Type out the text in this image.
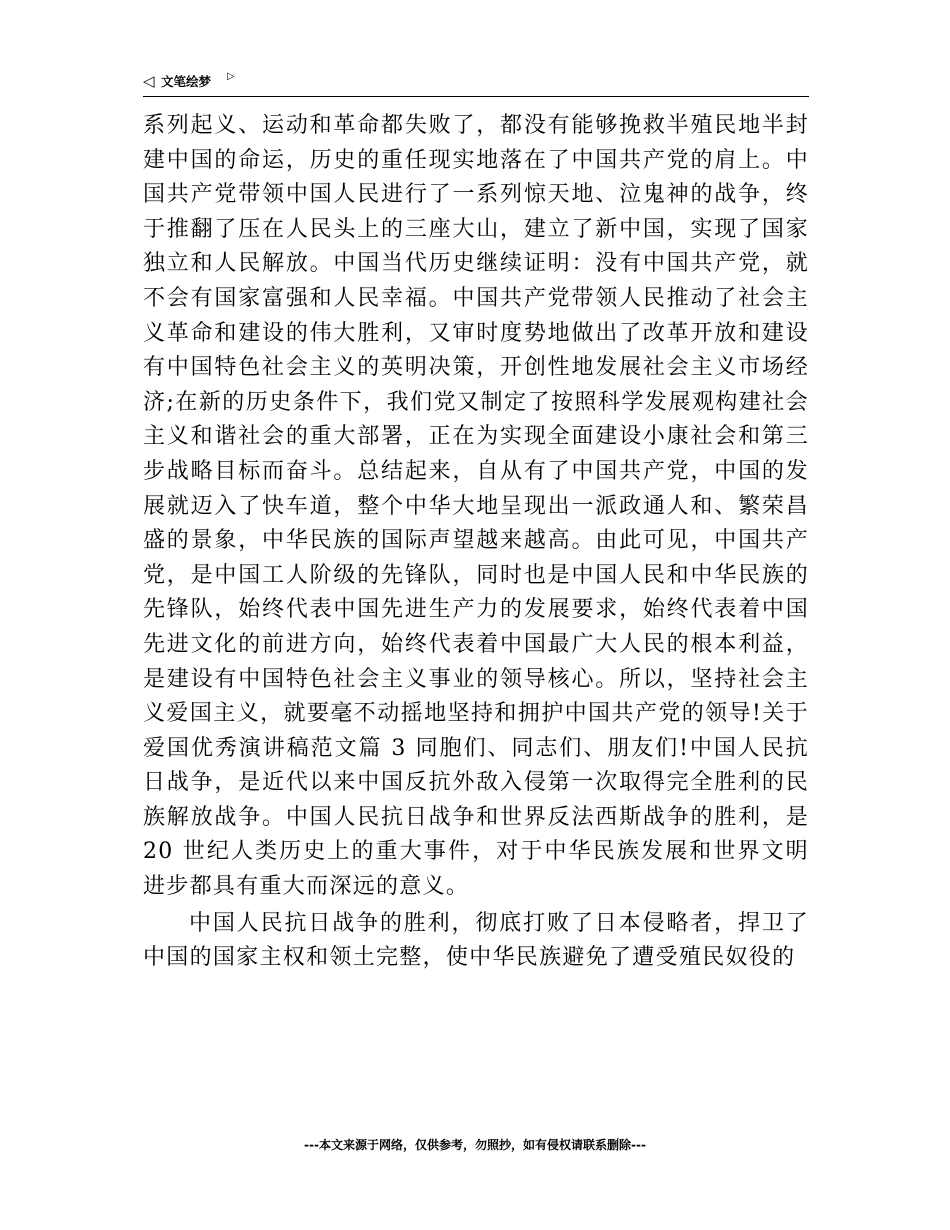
◁ 文笔绘梦 ▷

系列起义、运动和革命都失败了，都没有能够挽救半殖民地半封建中国的命运，历史的重任现实地落在了中国共产党的肩上。中国共产党带领中国人民进行了一系列惊天地、泣鬼神的战争，终于推翻了压在人民头上的三座大山，建立了新中国，实现了国家独立和人民解放。中国当代历史继续证明：没有中国共产党，就不会有国家富强和人民幸福。中国共产党带领人民推动了社会主义革命和建设的伟大胜利，又审时度势地做出了改革开放和建设有中国特色社会主义的英明决策，开创性地发展社会主义市场经济;在新的历史条件下，我们党又制定了按照科学发展观构建社会主义和谐社会的重大部署，正在为实现全面建设小康社会和第三步战略目标而奋斗。总结起来，自从有了中国共产党，中国的发展就迈入了快车道，整个中华大地呈现出一派政通人和、繁荣昌盛的景象，中华民族的国际声望越来越高。由此可见，中国共产党，是中国工人阶级的先锋队，同时也是中国人民和中华民族的先锋队，始终代表中国先进生产力的发展要求，始终代表着中国先进文化的前进方向，始终代表着中国最广大人民的根本利益，是建设有中国特色社会主义事业的领导核心。所以，坚持社会主义爱国主义，就要毫不动摇地坚持和拥护中国共产党的领导!关于爱国优秀演讲稿范文篇 3 同胞们、同志们、朋友们!中国人民抗日战争，是近代以来中国反抗外敌入侵第一次取得完全胜利的民族解放战争。中国人民抗日战争和世界反法西斯战争的胜利，是 20 世纪人类历史上的重大事件，对于中华民族发展和世界文明进步都具有重大而深远的意义。

中国人民抗日战争的胜利，彻底打败了日本侵略者，捍卫了中国的国家主权和领土完整，使中华民族避免了遭受殖民奴役的

---本文来源于网络，仅供参考，勿照抄，如有侵权请联系删除---
